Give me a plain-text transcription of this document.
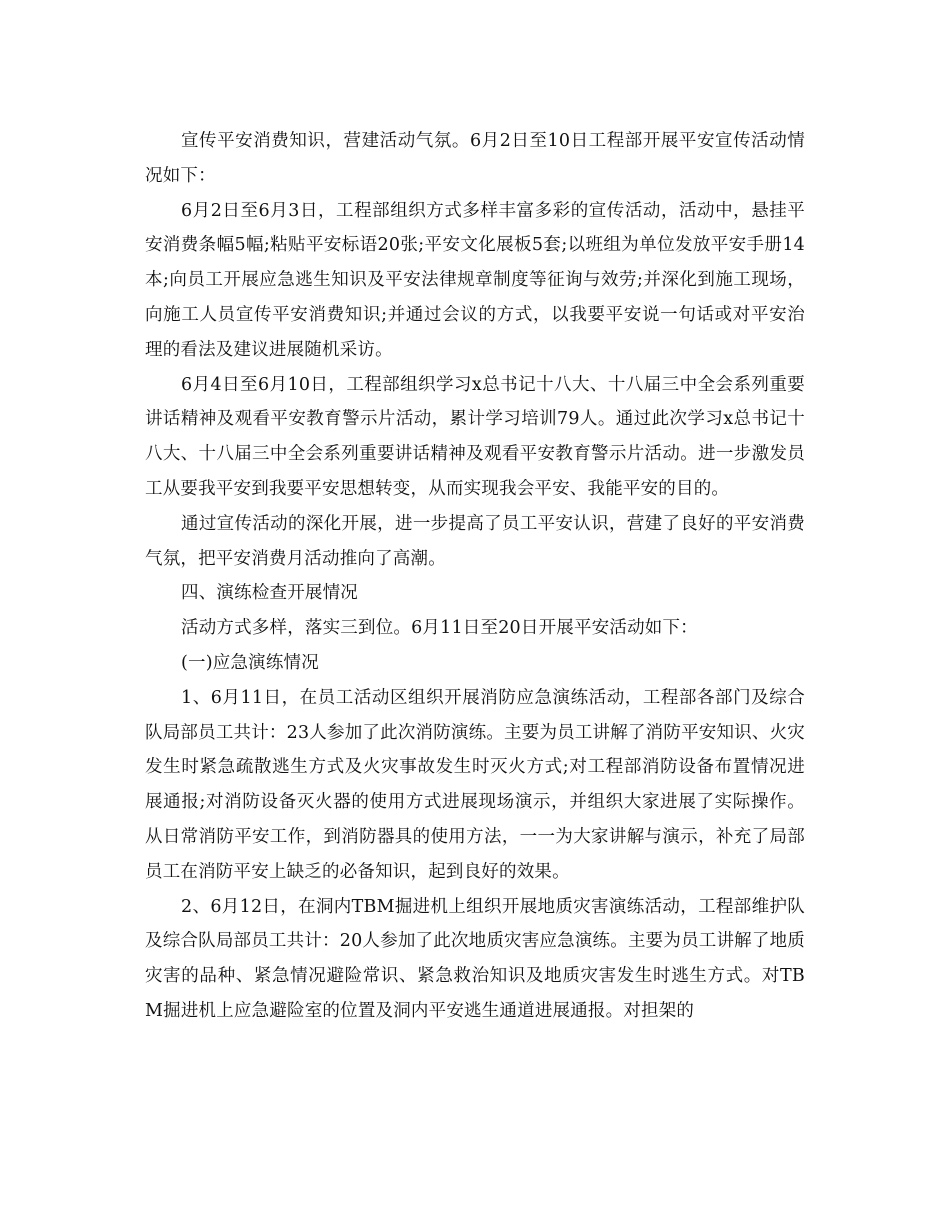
宣传平安消费知识，营建活动气氛。6月2日至10日工程部开展平安宣传活动情况如下：

6月2日至6月3日，工程部组织方式多样丰富多彩的宣传活动，活动中，悬挂平安消费条幅5幅;粘贴平安标语20张;平安文化展板5套;以班组为单位发放平安手册14本;向员工开展应急逃生知识及平安法律规章制度等征询与效劳;并深化到施工现场，向施工人员宣传平安消费知识;并通过会议的方式，以我要平安说一句话或对平安治理的看法及建议进展随机采访。

6月4日至6月10日，工程部组织学习x总书记十八大、十八届三中全会系列重要讲话精神及观看平安教育警示片活动，累计学习培训79人。通过此次学习x总书记十八大、十八届三中全会系列重要讲话精神及观看平安教育警示片活动。进一步激发员工从要我平安到我要平安思想转变，从而实现我会平安、我能平安的目的。

通过宣传活动的深化开展，进一步提高了员工平安认识，营建了良好的平安消费气氛，把平安消费月活动推向了高潮。

四、演练检查开展情况

活动方式多样，落实三到位。6月11日至20日开展平安活动如下：

(一)应急演练情况

1、6月11日，在员工活动区组织开展消防应急演练活动，工程部各部门及综合队局部员工共计：23人参加了此次消防演练。主要为员工讲解了消防平安知识、火灾发生时紧急疏散逃生方式及火灾事故发生时灭火方式;对工程部消防设备布置情况进展通报;对消防设备灭火器的使用方式进展现场演示，并组织大家进展了实际操作。从日常消防平安工作，到消防器具的使用方法，一一为大家讲解与演示，补充了局部员工在消防平安上缺乏的必备知识，起到良好的效果。

2、6月12日，在洞内TBM掘进机上组织开展地质灾害演练活动，工程部维护队及综合队局部员工共计：20人参加了此次地质灾害应急演练。主要为员工讲解了地质灾害的品种、紧急情况避险常识、紧急救治知识及地质灾害发生时逃生方式。对TBM掘进机上应急避险室的位置及洞内平安逃生通道进展通报。对担架的
